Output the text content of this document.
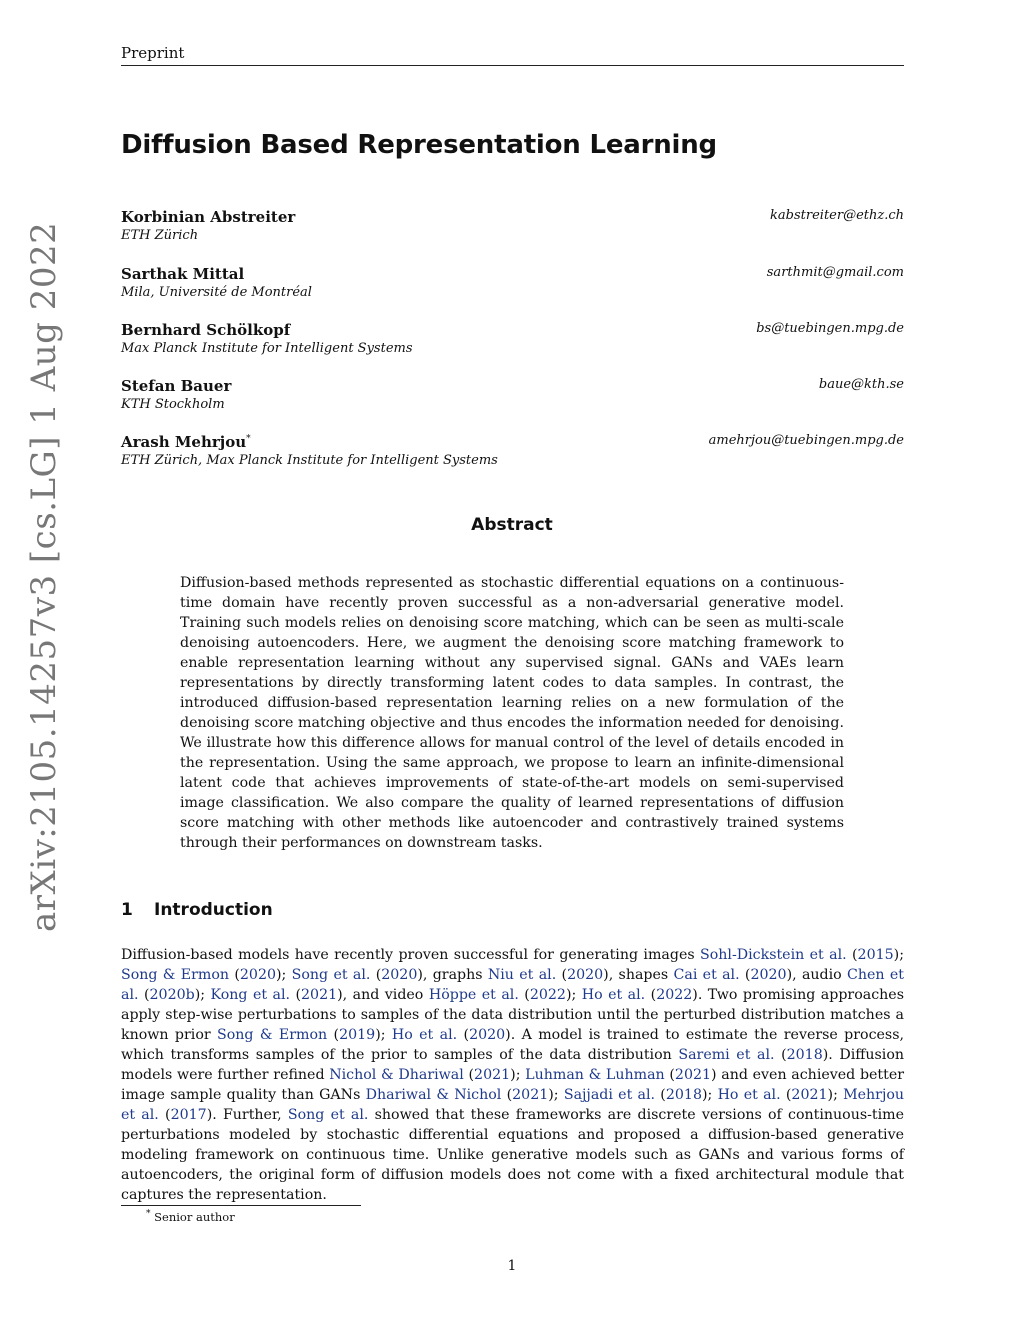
Preprint
Diffusion Based Representation Learning
arXiv:2105.14257v3 [cs.LG] 1 Aug 2022
Korbinian Abstreiter	kabstreiter@ethz.ch
ETH Zürich
Sarthak Mittal	sarthmit@gmail.com
Mila, Université de Montréal
Bernhard Schölkopf	bs@tuebingen.mpg.de
Max Planck Institute for Intelligent Systems
Stefan Bauer	baue@kth.se
KTH Stockholm
Arash Mehrjou*	amehrjou@tuebingen.mpg.de
ETH Zürich, Max Planck Institute for Intelligent Systems
Abstract
Diffusion-based methods represented as stochastic differential equations on a continuous-time domain have recently proven successful as a non-adversarial generative model. Training such models relies on denoising score matching, which can be seen as multi-scale denoising autoencoders. Here, we augment the denoising score matching framework to enable representation learning without any supervised signal. GANs and VAEs learn representations by directly transforming latent codes to data samples. In contrast, the introduced diffusion-based representation learning relies on a new formulation of the denoising score matching objective and thus encodes the information needed for denoising. We illustrate how this difference allows for manual control of the level of details encoded in the representation. Using the same approach, we propose to learn an infinite-dimensional latent code that achieves improvements of state-of-the-art models on semi-supervised image classification. We also compare the quality of learned representations of diffusion score matching with other methods like autoencoder and contrastively trained systems through their performances on downstream tasks.
1 Introduction
Diffusion-based models have recently proven successful for generating images Sohl-Dickstein et al. (2015); Song & Ermon (2020); Song et al. (2020), graphs Niu et al. (2020), shapes Cai et al. (2020), audio Chen et al. (2020b); Kong et al. (2021), and video Höppe et al. (2022); Ho et al. (2022). Two promising approaches apply step-wise perturbations to samples of the data distribution until the perturbed distribution matches a known prior Song & Ermon (2019); Ho et al. (2020). A model is trained to estimate the reverse process, which transforms samples of the prior to samples of the data distribution Saremi et al. (2018). Diffusion models were further refined Nichol & Dhariwal (2021); Luhman & Luhman (2021) and even achieved better image sample quality than GANs Dhariwal & Nichol (2021); Sajjadi et al. (2018); Ho et al. (2021); Mehrjou et al. (2017). Further, Song et al. showed that these frameworks are discrete versions of continuous-time perturbations modeled by stochastic differential equations and proposed a diffusion-based generative modeling framework on continuous time. Unlike generative models such as GANs and various forms of autoencoders, the original form of diffusion models does not come with a fixed architectural module that captures the representation.
* Senior author
1
